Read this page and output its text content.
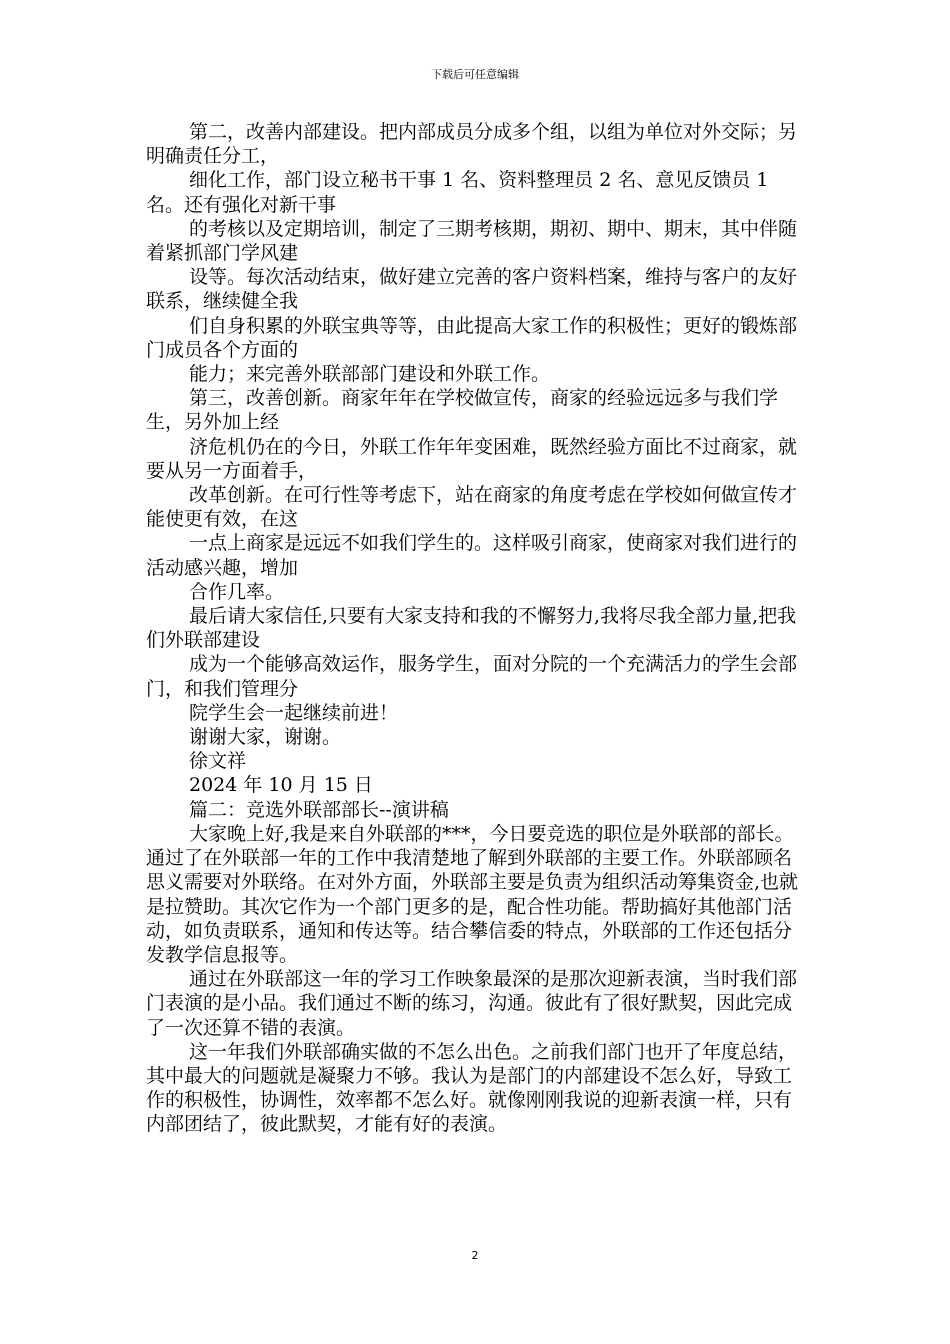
下载后可任意编辑

第二，改善内部建设。把内部成员分成多个组，以组为单位对外交际；另明确责任分工，

细化工作，部门设立秘书干事 1 名、资料整理员 2 名、意见反馈员 1 名。还有强化对新干事

的考核以及定期培训，制定了三期考核期，期初、期中、期末，其中伴随着紧抓部门学风建

设等。每次活动结束，做好建立完善的客户资料档案，维持与客户的友好联系，继续健全我

们自身积累的外联宝典等等，由此提高大家工作的积极性；更好的锻炼部门成员各个方面的

能力；来完善外联部部门建设和外联工作。

第三，改善创新。商家年年在学校做宣传，商家的经验远远多与我们学生，另外加上经

济危机仍在的今日，外联工作年年变困难，既然经验方面比不过商家，就要从另一方面着手，

改革创新。在可行性等考虑下，站在商家的角度考虑在学校如何做宣传才能使更有效，在这

一点上商家是远远不如我们学生的。这样吸引商家，使商家对我们进行的活动感兴趣，增加

合作几率。

最后请大家信任,只要有大家支持和我的不懈努力,我将尽我全部力量,把我们外联部建设

成为一个能够高效运作，服务学生，面对分院的一个充满活力的学生会部门，和我们管理分

院学生会一起继续前进！

谢谢大家，谢谢。

徐文祥

2024 年 10 月 15 日

篇二：竞选外联部部长--演讲稿

大家晚上好,我是来自外联部的***，今日要竞选的职位是外联部的部长。通过了在外联部一年的工作中我清楚地了解到外联部的主要工作。外联部顾名思义需要对外联络。在对外方面，外联部主要是负责为组织活动筹集资金,也就是拉赞助。其次它作为一个部门更多的是，配合性功能。帮助搞好其他部门活动，如负责联系，通知和传达等。结合攀信委的特点，外联部的工作还包括分发教学信息报等。

通过在外联部这一年的学习工作映象最深的是那次迎新表演，当时我们部门表演的是小品。我们通过不断的练习，沟通。彼此有了很好默契，因此完成了一次还算不错的表演。

这一年我们外联部确实做的不怎么出色。之前我们部门也开了年度总结，其中最大的问题就是凝聚力不够。我认为是部门的内部建设不怎么好，导致工作的积极性，协调性，效率都不怎么好。就像刚刚我说的迎新表演一样，只有内部团结了，彼此默契，才能有好的表演。

2
